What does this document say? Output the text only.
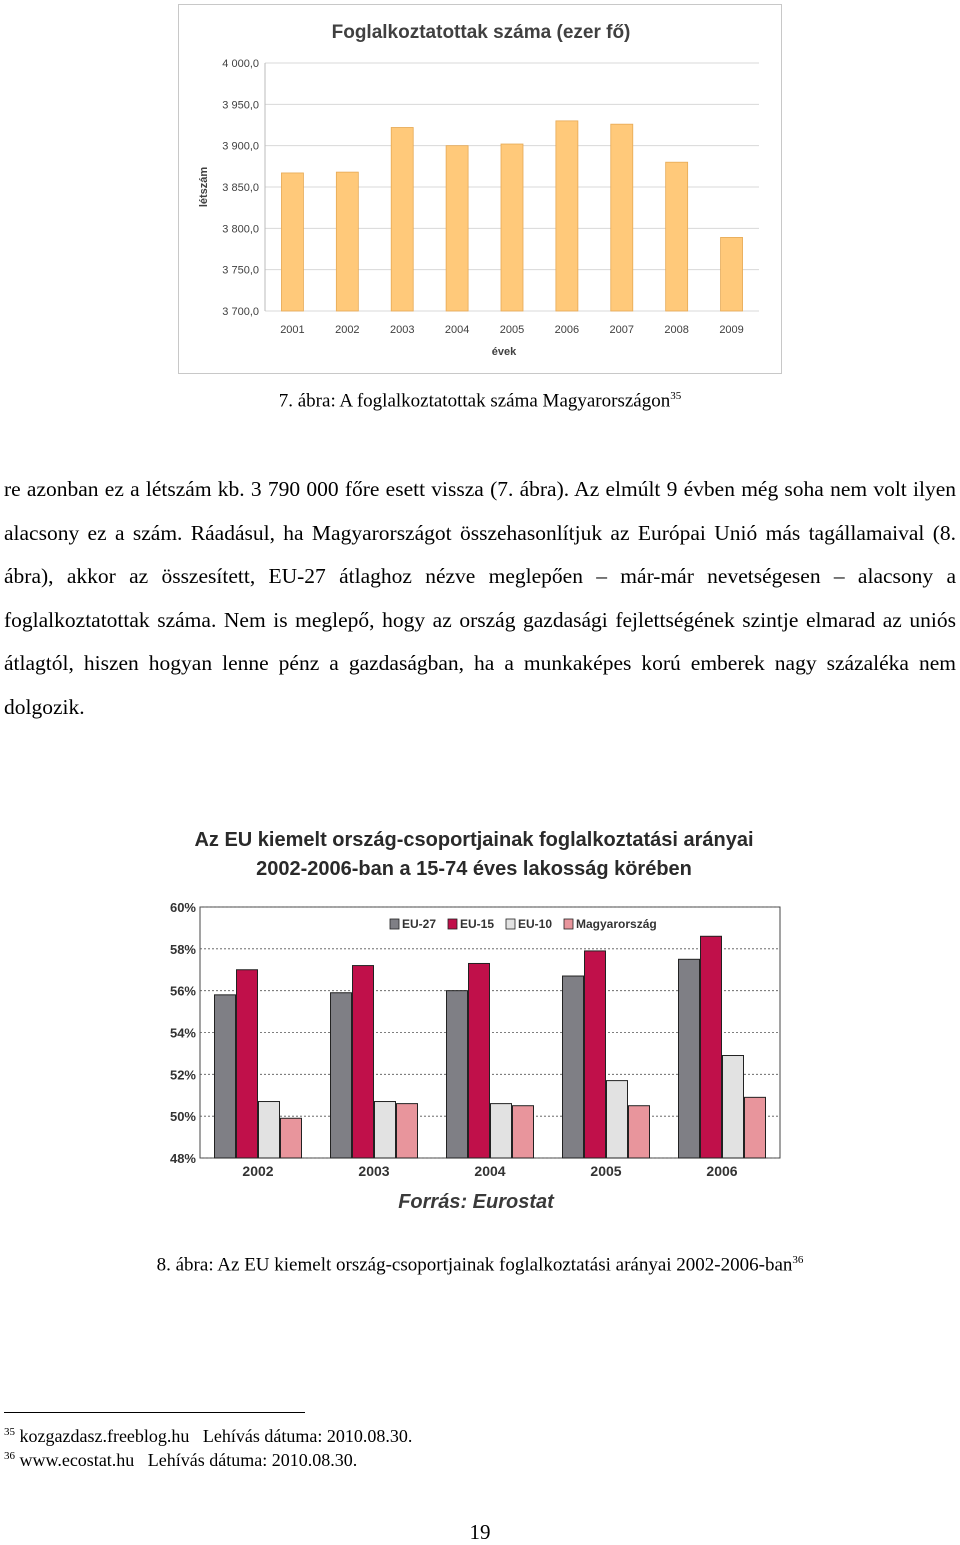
Foglalkoztatottak száma (ezer fő)
3 700,0
3 750,0
3 800,0
3 850,0
3 900,0
3 950,0
4 000,0
2001	2002	2003	2004	2005	2006	2007	2008	2009
évek
létszám
7. ábra: A foglalkoztatottak száma Magyarországon$^{35}$

re azonban ez a létszám kb. 3 790 000 főre esett vissza (7. ábra). Az elmúlt 9 évben még soha nem volt ilyen alacsony ez a szám. Ráadásul, ha Magyarországot összehasonlítjuk az Európai Unió más tagállamaival (8. ábra), akkor az összesített, EU-27 átlaghoz nézve meglepően – már-már nevetségesen – alacsony a foglalkoztatottak száma. Nem is meglepő, hogy az ország gazdasági fejlettségének szintje elmarad az uniós átlagtól, hiszen hogyan lenne pénz a gazdaságban, ha a munkaképes korú emberek nagy százaléka nem dolgozik.

Az EU kiemelt ország-csoportjainak foglalkoztatási arányai
2002-2006-ban a 15-74 éves lakosság körében
48%
50%
52%
54%
56%
58%
60%
2002	2003	2004	2005	2006
EU-27 EU-15 EU-10 Magyarország
Forrás: Eurostat
8. ábra: Az EU kiemelt ország-csoportjainak foglalkoztatási arányai 2002-2006-ban$^{36}$
$^{35}$ kozgazdasz.freeblog.hu   Lehívás dátuma: 2010.08.30.
$^{36}$ www.ecostat.hu   Lehívás dátuma: 2010.08.30.
19
